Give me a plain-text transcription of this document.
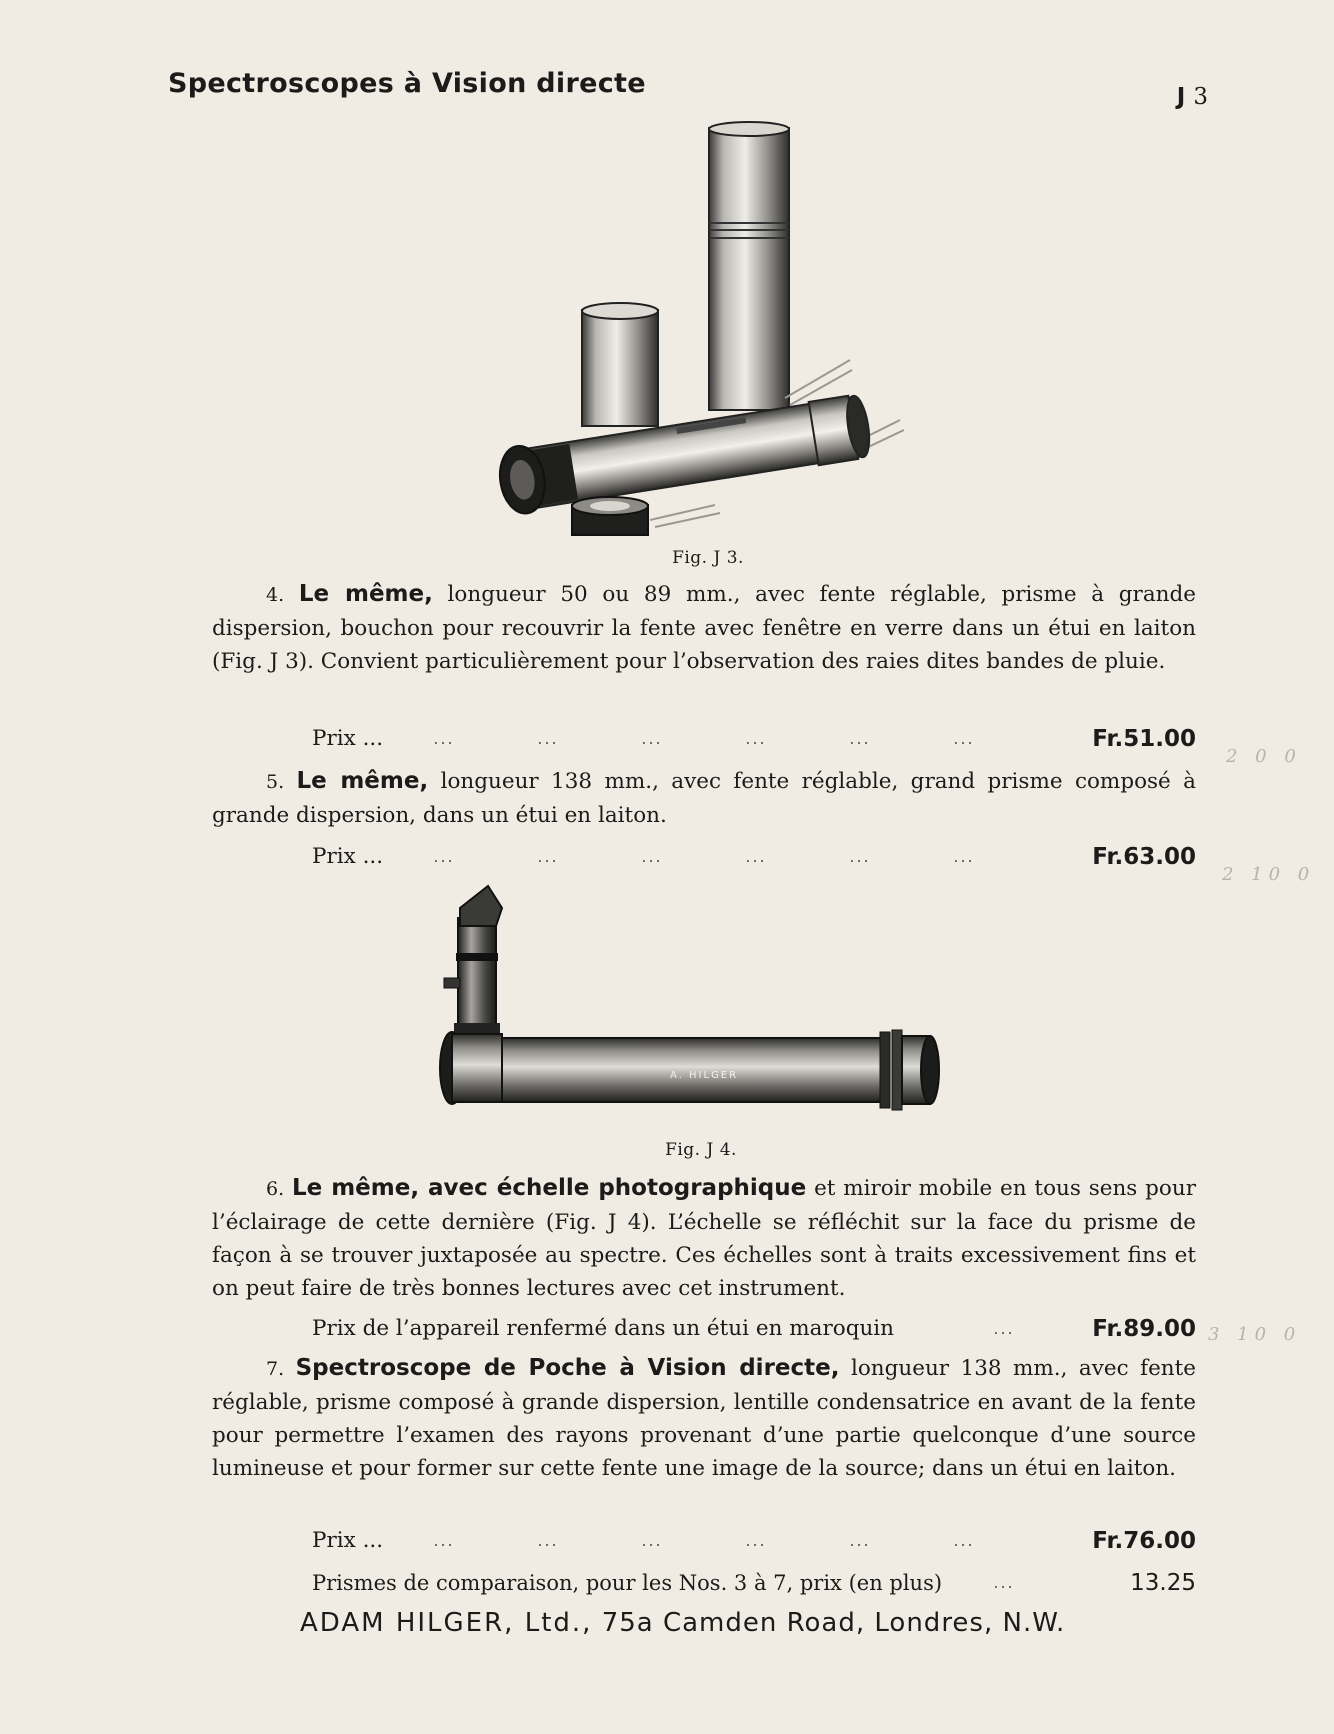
Spectroscopes à Vision directe	J 3
Fig. J 3.
4. Le même, longueur 50 ou 89 mm., avec fente réglable, prisme à grande dispersion, bouchon pour recouvrir la fente avec fenêtre en verre dans un étui en laiton (Fig. J 3). Convient particulièrement pour l’observation des raies dites bandes de pluie.
Prix ...	...	...	...	...	...	...	Fr.51.00
2 0 0
5. Le même, longueur 138 mm., avec fente réglable, grand prisme composé à grande dispersion, dans un étui en laiton.
Prix ...	...	...	...	...	...	...	Fr.63.00
2 10 0
A. HILGER
Fig. J 4.
6. Le même, avec échelle photographique et miroir mobile en tous sens pour l’éclairage de cette dernière (Fig. J 4). L’échelle se réfléchit sur la face du prisme de façon à se trouver juxtaposée au spectre. Ces échelles sont à traits excessivement fins et on peut faire de très bonnes lectures avec cet instrument.
Prix de l’appareil renfermé dans un étui en maroquin	...	Fr.89.00 3 10 0
7. Spectroscope de Poche à Vision directe, longueur 138 mm., avec fente réglable, prisme composé à grande dispersion, lentille condensatrice en avant de la fente pour permettre l’examen des rayons provenant d’une partie quelconque d’une source lumineuse et pour former sur cette fente une image de la source; dans un étui en laiton.
Prix ...	...	...	...	...	...	...	Fr.76.00
Prismes de comparaison, pour les Nos. 3 à 7, prix (en plus)	...	13.25
ADAM HILGER, Ltd., 75a Camden Road, Londres, N.W.
